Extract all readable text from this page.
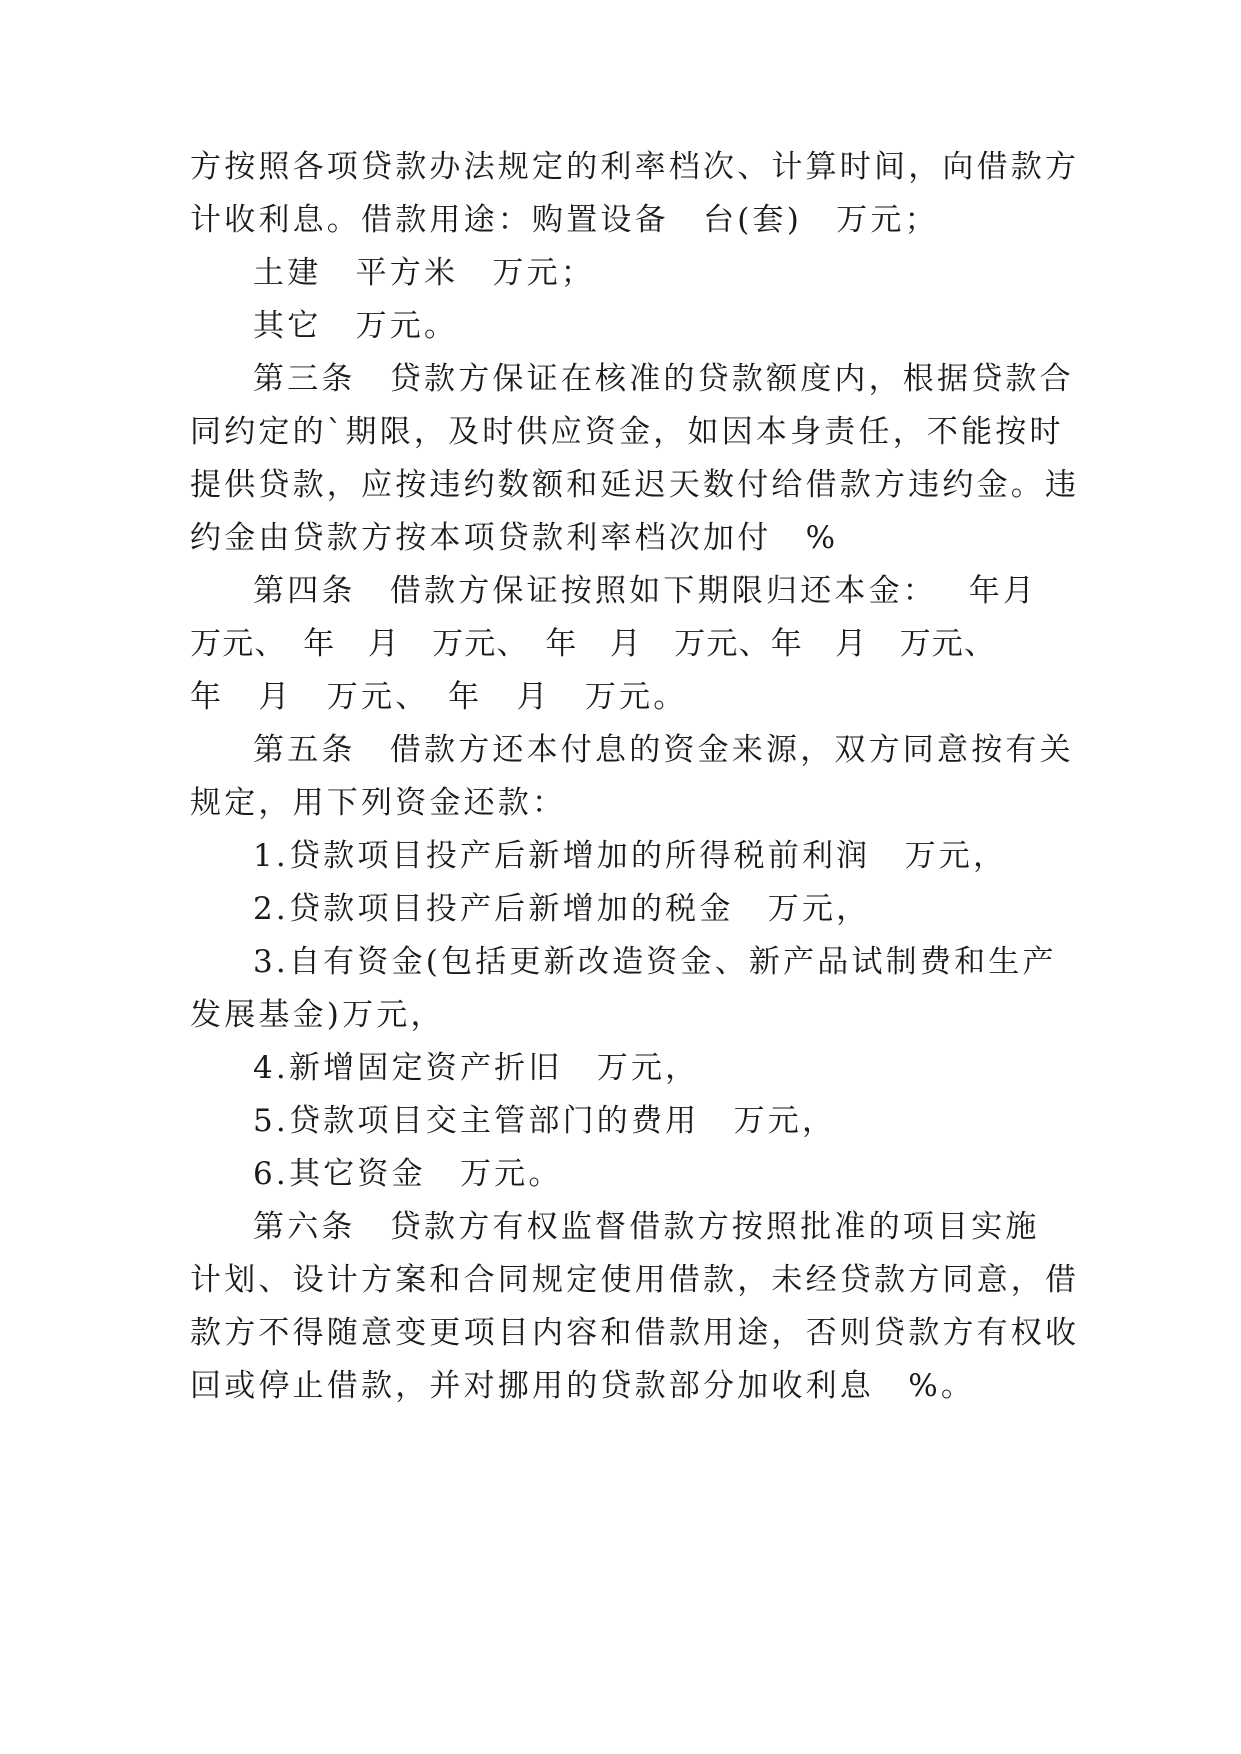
方按照各项贷款办法规定的利率档次、计算时间，向借款方
计收利息。借款用途：购置设备　台(套)　万元；
土建　平方米　万元；
其它　万元。
第三条　贷款方保证在核准的贷款额度内，根据贷款合
同约定的`期限，及时供应资金，如因本身责任，不能按时
提供贷款，应按违约数额和延迟天数付给借款方违约金。违
约金由贷款方按本项贷款利率档次加付　%
第四条　借款方保证按照如下期限归还本金：　 年月
万元、　年　月　万元、　年　月　万元、年　月　万元、
年　月　万元、　年　月　万元。
第五条　借款方还本付息的资金来源，双方同意按有关
规定，用下列资金还款：
1.贷款项目投产后新增加的所得税前利润　万元，
2.贷款项目投产后新增加的税金　万元，
3.自有资金(包括更新改造资金、新产品试制费和生产
发展基金)万元，
4.新增固定资产折旧　万元，
5.贷款项目交主管部门的费用　万元，
6.其它资金　万元。
第六条　贷款方有权监督借款方按照批准的项目实施
计划、设计方案和合同规定使用借款，未经贷款方同意，借
款方不得随意变更项目内容和借款用途，否则贷款方有权收
回或停止借款，并对挪用的贷款部分加收利息　%。
